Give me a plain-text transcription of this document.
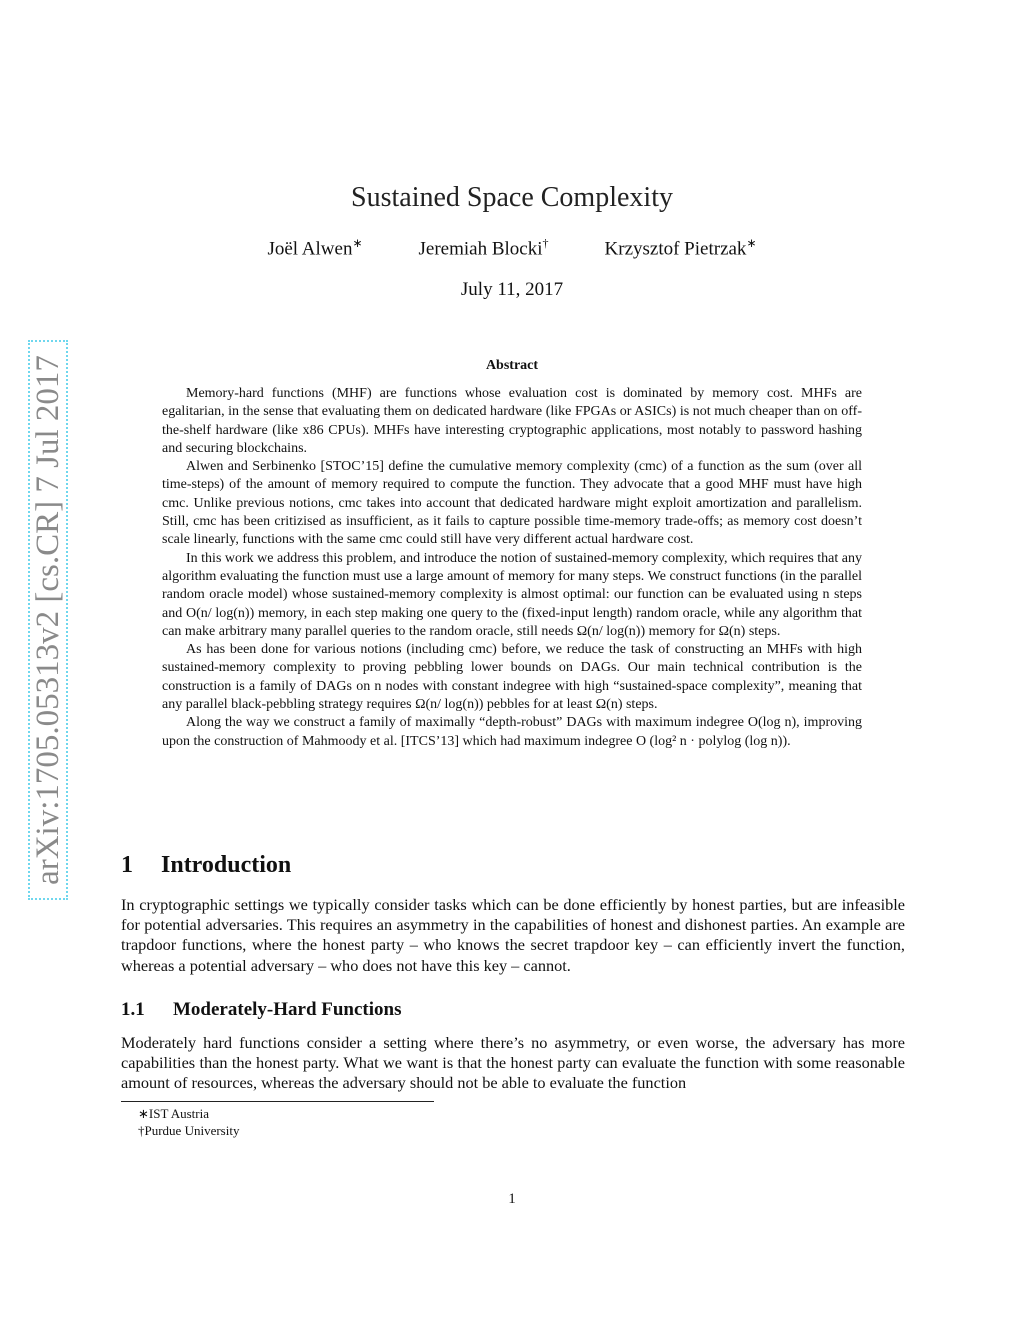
arXiv:1705.05313v2 [cs.CR] 7 Jul 2017
Sustained Space Complexity
Joël Alwen∗	Jeremiah Blocki†	Krzysztof Pietrzak∗
July 11, 2017
Abstract

Memory-hard functions (MHF) are functions whose evaluation cost is dominated by memory cost. MHFs are egalitarian, in the sense that evaluating them on dedicated hardware (like FPGAs or ASICs) is not much cheaper than on off-the-shelf hardware (like x86 CPUs). MHFs have interesting cryptographic applications, most notably to password hashing and securing blockchains.

Alwen and Serbinenko [STOC’15] define the cumulative memory complexity (cmc) of a function as the sum (over all time-steps) of the amount of memory required to compute the function. They advocate that a good MHF must have high cmc. Unlike previous notions, cmc takes into account that dedicated hardware might exploit amortization and parallelism. Still, cmc has been critizised as insufficient, as it fails to capture possible time-memory trade-offs; as memory cost doesn’t scale linearly, functions with the same cmc could still have very different actual hardware cost.

In this work we address this problem, and introduce the notion of sustained-memory complexity, which requires that any algorithm evaluating the function must use a large amount of memory for many steps. We construct functions (in the parallel random oracle model) whose sustained-memory complexity is almost optimal: our function can be evaluated using n steps and O(n/ log(n)) memory, in each step making one query to the (fixed-input length) random oracle, while any algorithm that can make arbitrary many parallel queries to the random oracle, still needs Ω(n/ log(n)) memory for Ω(n) steps.

As has been done for various notions (including cmc) before, we reduce the task of constructing an MHFs with high sustained-memory complexity to proving pebbling lower bounds on DAGs. Our main technical contribution is the construction is a family of DAGs on n nodes with constant indegree with high “sustained-space complexity”, meaning that any parallel black-pebbling strategy requires Ω(n/ log(n)) pebbles for at least Ω(n) steps.

Along the way we construct a family of maximally “depth-robust” DAGs with maximum indegree O(log n), improving upon the construction of Mahmoody et al. [ITCS’13] which had maximum indegree O (log² n · polylog (log n)).

1 Introduction

In cryptographic settings we typically consider tasks which can be done efficiently by honest parties, but are infeasible for potential adversaries. This requires an asymmetry in the capabilities of honest and dishonest parties. An example are trapdoor functions, where the honest party – who knows the secret trapdoor key – can efficiently invert the function, whereas a potential adversary – who does not have this key – cannot.

1.1 Moderately-Hard Functions

Moderately hard functions consider a setting where there’s no asymmetry, or even worse, the adversary has more capabilities than the honest party. What we want is that the honest party can evaluate the function with some reasonable amount of resources, whereas the adversary should not be able to evaluate the function

∗IST Austria
†Purdue University
1
